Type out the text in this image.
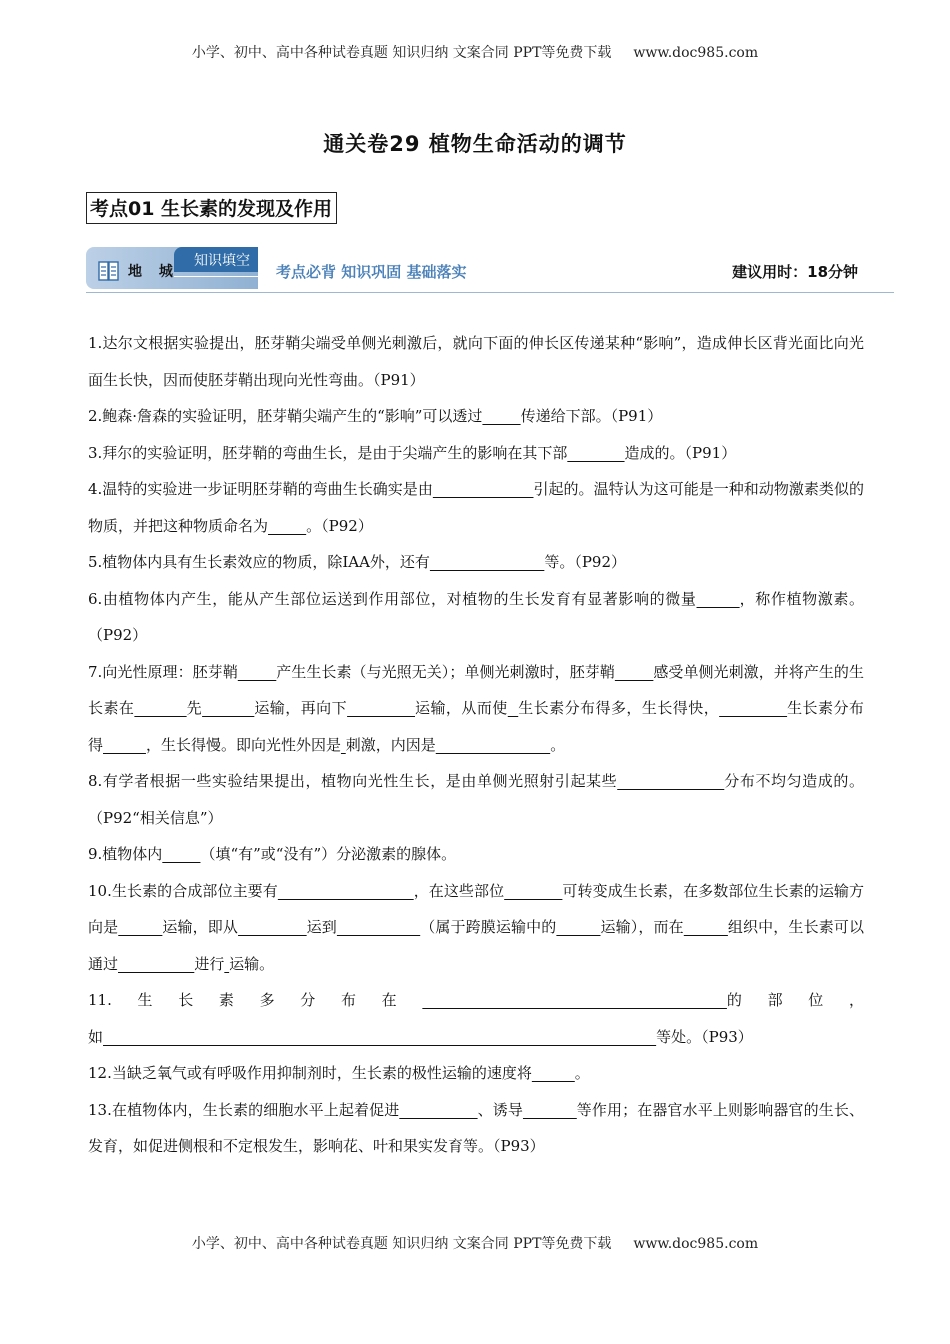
小学、初中、高中各种试卷真题 知识归纳 文案合同 PPT等免费下载 www.doc985.com
通关卷29 植物生命活动的调节
考点01 生长素的发现及作用
知识填空
地 城	考点必背 知识巩固 基础落实	建议用时：18分钟

1.达尔文根据实验提出，胚芽鞘尖端受单侧光刺激后，就向下面的伸长区传递某种“影响”，造成伸长区背光面比向光面生长快，因而使胚芽鞘出现向光性弯曲。（P91）

2.鲍森·詹森的实验证明，胚芽鞘尖端产生的“影响”可以透过	传递给下部。（P91）

3.拜尔的实验证明，胚芽鞘的弯曲生长，是由于尖端产生的影响在其下部	造成的。（P91）

4.温特的实验进一步证明胚芽鞘的弯曲生长确实是由	引起的。温特认为这可能是一种和动物激素类似的物质，并把这种物质命名为	。（P92）

5.植物体内具有生长素效应的物质，除IAA外，还有	等。（P92）

6.由植物体内产生，能从产生部位运送到作用部位，对植物的生长发育有显著影响的微量	，称作植物激素。（P92）

7.向光性原理：胚芽鞘	产生生长素（与光照无关）；单侧光刺激时，胚芽鞘	感受单侧光刺激，并将产生的生长素在	先	运输，再向下	运输，从而使 生长素分布得多，生长得快，	生长素分布得	，生长得慢。即向光性外因是 刺激，内因是	。

8.有学者根据一些实验结果提出，植物向光性生长，是由单侧光照射引起某些	分布不均匀造成的。（P92“相关信息”）

9.植物体内	（填“有”或“没有”）分泌激素的腺体。

10.生长素的合成部位主要有	，在这些部位	可转变成生长素，在多数部位生长素的运输方向是	运输，即从	运到	（属于跨膜运输中的	运输），而在	组织中，生长素可以通过	进行 运输。

11.生长素多分布在	的部位，如	等处。（P93）

12.当缺乏氧气或有呼吸作用抑制剂时，生长素的极性运输的速度将	。

13.在植物体内，生长素的细胞水平上起着促进	、诱导	等作用；在器官水平上则影响器官的生长、发育，如促进侧根和不定根发生，影响花、叶和果实发育等。（P93）

小学、初中、高中各种试卷真题 知识归纳 文案合同 PPT等免费下载 www.doc985.com
